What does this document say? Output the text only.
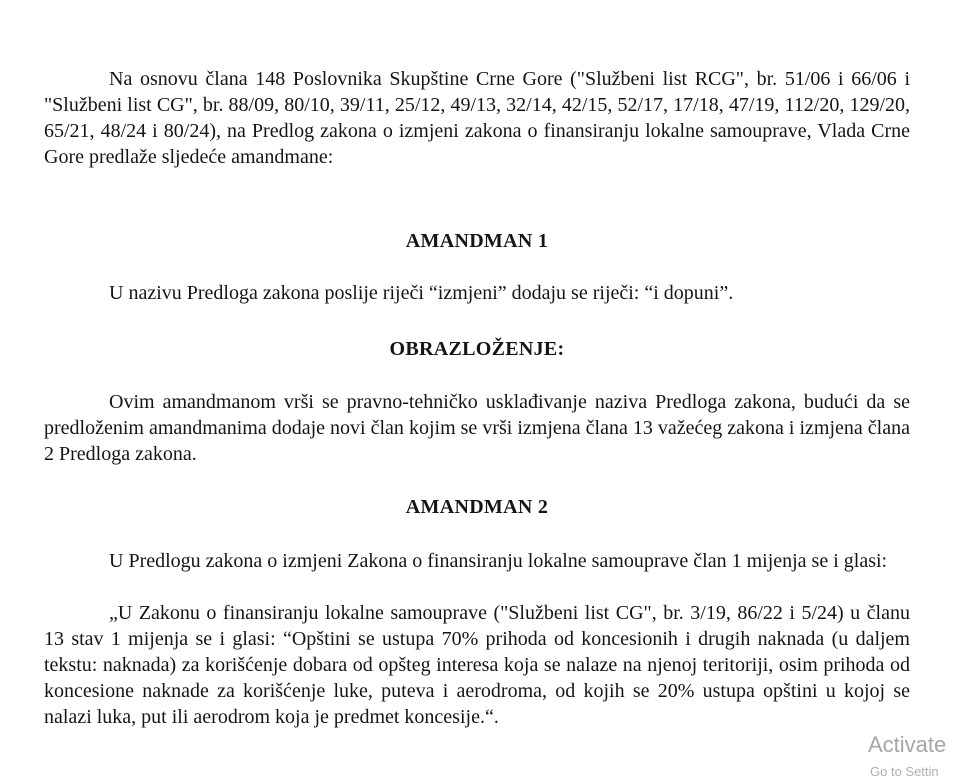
Na osnovu člana 148 Poslovnika Skupštine Crne Gore ("Službeni list RCG", br. 51/06 i 66/06 i "Službeni list CG", br. 88/09, 80/10, 39/11, 25/12, 49/13, 32/14, 42/15, 52/17, 17/18, 47/19, 112/20, 129/20, 65/21, 48/24 i 80/24), na Predlog zakona o izmjeni zakona o finansiranju lokalne samouprave, Vlada Crne Gore predlaže sljedeće amandmane:

AMANDMAN 1

U nazivu Predloga zakona poslije riječi “izmjeni” dodaju se riječi: “i dopuni”.

OBRAZLOŽENJE:

Ovim amandmanom vrši se pravno-tehničko usklađivanje naziva Predloga zakona, budući da se predloženim amandmanima dodaje novi član kojim se vrši izmjena člana 13 važećeg zakona i izmjena člana 2 Predloga zakona.

AMANDMAN 2

U Predlogu zakona o izmjeni Zakona o finansiranju lokalne samouprave član 1 mijenja se i glasi:

„U Zakonu o finansiranju lokalne samouprave ("Službeni list CG", br. 3/19, 86/22 i 5/24) u članu 13 stav 1 mijenja se i glasi: “Opštini se ustupa 70% prihoda od koncesionih i drugih naknada (u daljem tekstu: naknada) za korišćenje dobara od opšteg interesa koja se nalaze na njenoj teritoriji, osim prihoda od koncesione naknade za korišćenje luke, puteva i aerodroma, od kojih se 20% ustupa opštini u kojoj se nalazi luka, put ili aerodrom koja je predmet koncesije.“.

Activate
Go to Settin
